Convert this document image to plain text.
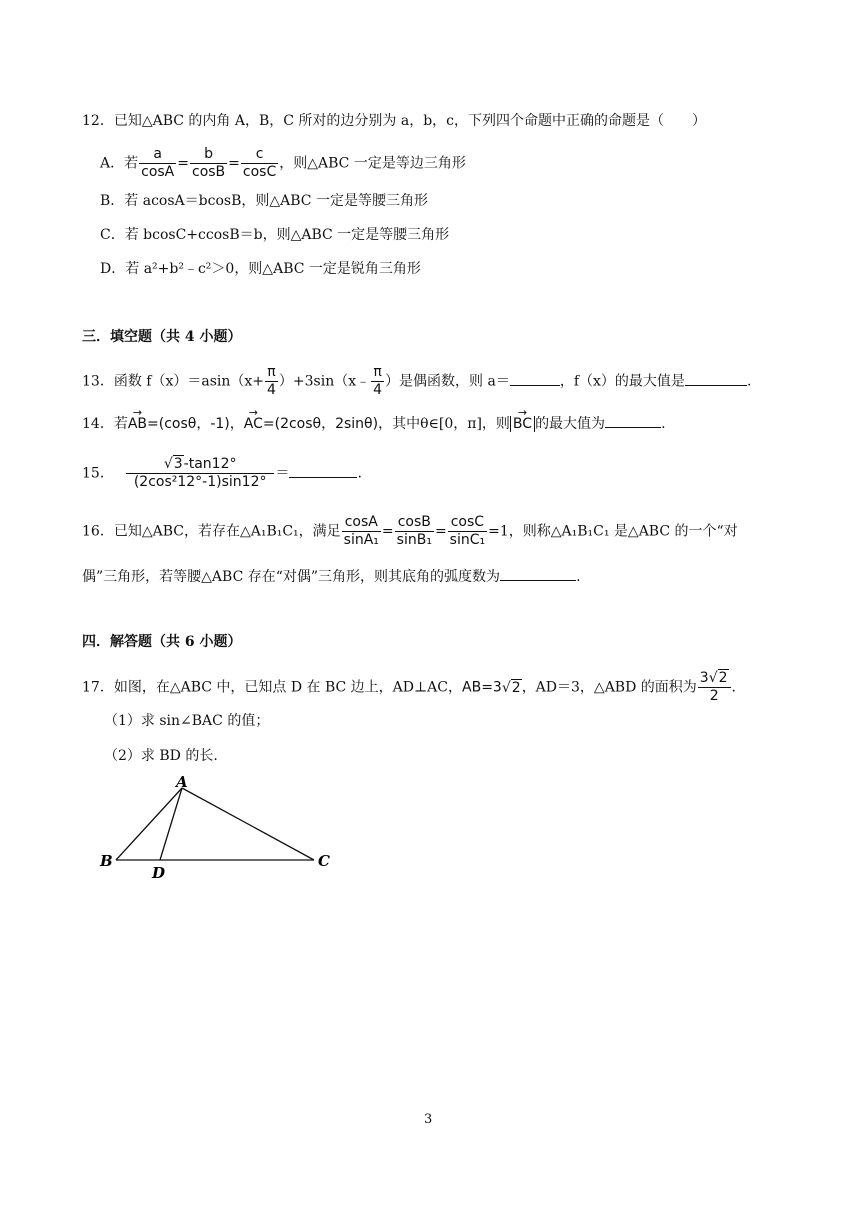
12．已知△ABC 的内角 A，B，C 所对的边分别为 a，b，c，下列四个命题中正确的命题是（　　）
A．若 $\frac{a}{\cos A} = \frac{b}{\cos B} = \frac{c}{\cos C}$ ，则△ABC 一定是等边三角形
B．若 acosA＝bcosB，则△ABC 一定是等腰三角形
C．若 bcosC+ccosB＝b，则△ABC 一定是等腰三角形
D．若 a²+b²﹣c²＞0，则△ABC 一定是锐角三角形
三．填空题（共 4 小题）
13．函数 $f(x)=asin(x+ \frac{\pi}{4}$ ）+3sin（x﹣ $\frac{\pi}{4}$ ）是偶函数，则 a＝	，f（x）的最大值是	.
14．若→ AB=(cosθ，-1)，→ AC=(2cosθ，2sinθ)，其中θ∈[0，π]，则→ BC 的最大值为	.
15． $\frac{√3-\tan 12^\circ}{\text{(2cos²12°-1)sin12°}}$ ＝	.
16．已知△ABC，若存在△A₁B₁C₁，满足 $\frac{\cos A}{\text{sinA₁}} = \frac{\cos B}{\text{sinB₁}} = \frac{\cos C}{\text{sinC₁}} =1$，则称△A₁B₁C₁ 是△ABC 的一个“对
偶”三角形，若等腰△ABC 存在“对偶”三角形，则其底角的弧度数为	.
四．解答题（共 6 小题）
17．如图，在△ABC 中，已知点 D 在 BC 边上，AD⊥AC，AB=3√2，AD＝3，△ABD 的面积为 $\frac{3√2}{2}$ .
（1）求 sin∠BAC 的值；
（2）求 BD 的长.
A
B	C
D
3
